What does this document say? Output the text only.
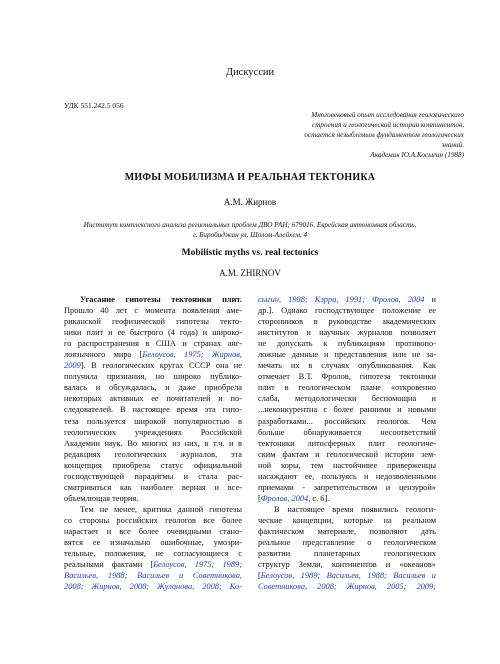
Дискуссии
УДК 551.242.5 056
Многовековый опыт исследования геологического
строения и геологической истории континентов,
остается незыблемым фундаментом геологических
знаний.
Академик Ю.А.Косыгин (1988)
МИФЫ МОБИЛИЗМА И РЕАЛЬНАЯ ТЕКТОНИКА
А.М. Жирнов
Институт комплексного анализа региональных проблем ДВО РАН; 679016, Еврейская автономная область,
г. Биробиджан ул. Шолом-Алейхем, 4
Mobilistic myths vs. real tectonics
A.M. ZHIRNOV
Угасание гипотезы тектоники плит.
Прошло 40 лет с момента появления аме-
риканской геофизической гипотезы текто-
ники плит и ее быстрого (4 года) и широко-
го распространения в США и странах анг-
лоязычного мира [Белоусов, 1975; Жирнов,
2009]. В геологических кругах СССР она не
получила признания, но широко публико-
валась и обсуждалась, и даже приобрела
некоторых активных ее почитателей и по-
следователей. В настоящее время эта гипо-
теза пользуется широкой популярностью в
геологических учреждениях Российской
Академии наук. Во многих из них, в т.ч. и в
редакциях геологических журналов, эта
концепция приобрела статус официальной
господствующей парадигмы и стала рас-
сматриваться как наиболее верная и все-
объемлющая теория.
Тем не менее, критика данной гипотезы
со стороны российских геологов все более
нарастает и все более очевидными стано-
вятся ее изначально ошибочные, умозри-
тельные, положения, не согласующиеся с
реальными фактами [Белоусов, 1975; 1989;
Васильев, 1988; Васильев и Советникова,
2008; Жирнов, 2008; Жуланова, 2008; Ко-
сыгин, 1988; Кэрри, 1991; Фролов, 2004 и
др.]. Однако господствующее положение ее
сторонников в руководстве академических
институтов и научных журналов позволяет
не допускать к публикациям противопо-
ложные данные и представления или не за-
мечать их в случаях опубликования. Как
отмечает В.Т. Фролов, гипотеза тектоники
плит в геологическом плане «откровенно
слаба, методологически беспомощна и
...неконкурентна с более ранними и новыми
разработками... российских геологов. Чем
больше обнаруживается несоответствий
тектоники литосферных плит геологиче-
ским фактам и геологической истории зем-
ной коры, тем настойчивее приверженцы
насаждают ее, пользуясь и недозволенными
приемами - запретительством и цензурой»
[Фролов, 2004, с. 6].
В настоящее время появились геологи-
ческие концепции, которые на реальном
фактическом материале, позволяют дать
реальное представление о геологическом
развитии планетарных геологических
структур Земли, континентов и «океанов»
[Белоусов, 1989; Васильев, 1988; Васильев и
Советникова, 2008; Жирнов, 2005; 2009;
